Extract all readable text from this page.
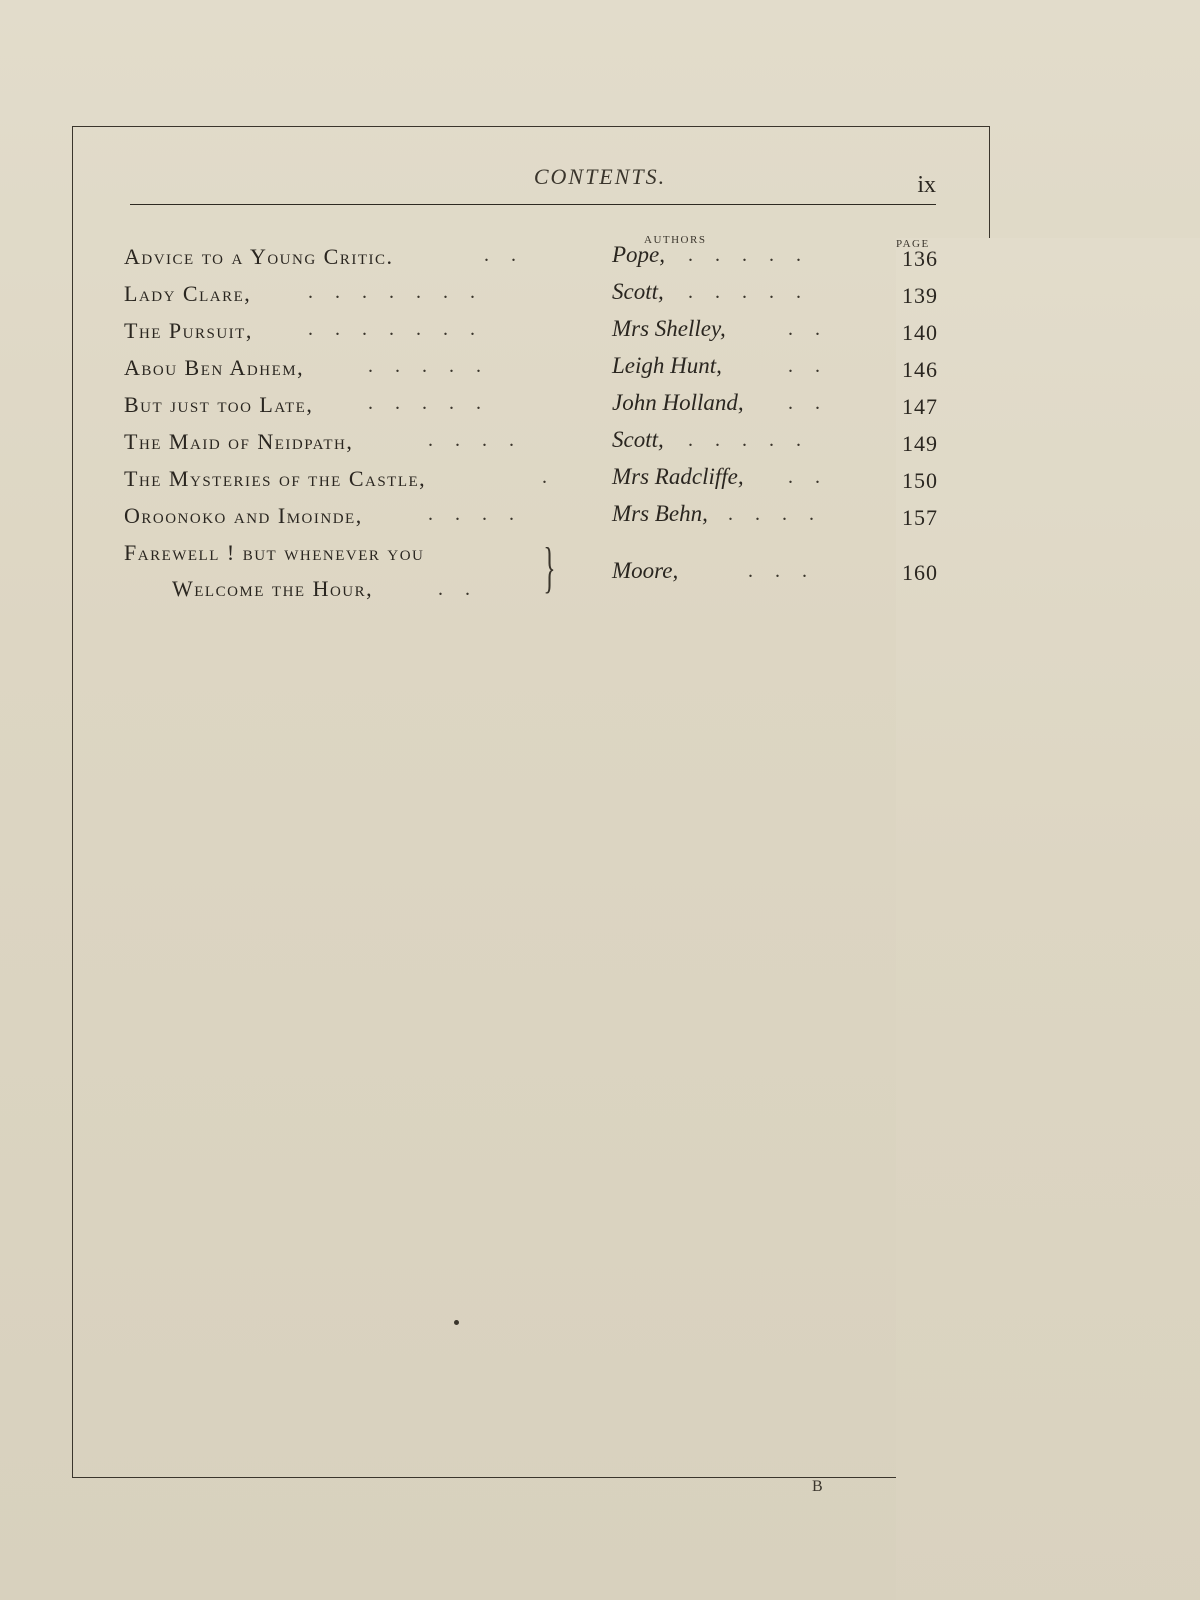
CONTENTS.	ix
AUTHORS	PAGE
Advice to a Young Critic.	..	Pope, .....	136
Lady Clare,	.......	Scott, .....	139
The Pursuit,	.......	Mrs Shelley,	..	140
Abou Ben Adhem,	.....	Leigh Hunt,	..	146
But just too Late,	.....	John Holland, ..	147
The Maid of Neidpath,	....	Scott, .....	149
The Mysteries of the Castle,	. Mrs Radcliffe, ..	150
Oroonoko and Imoinde,	....	Mrs Behn, ....	157
Farewell ! but whenever you
Welcome the Hour,	.. } Moore,	...	160
B
